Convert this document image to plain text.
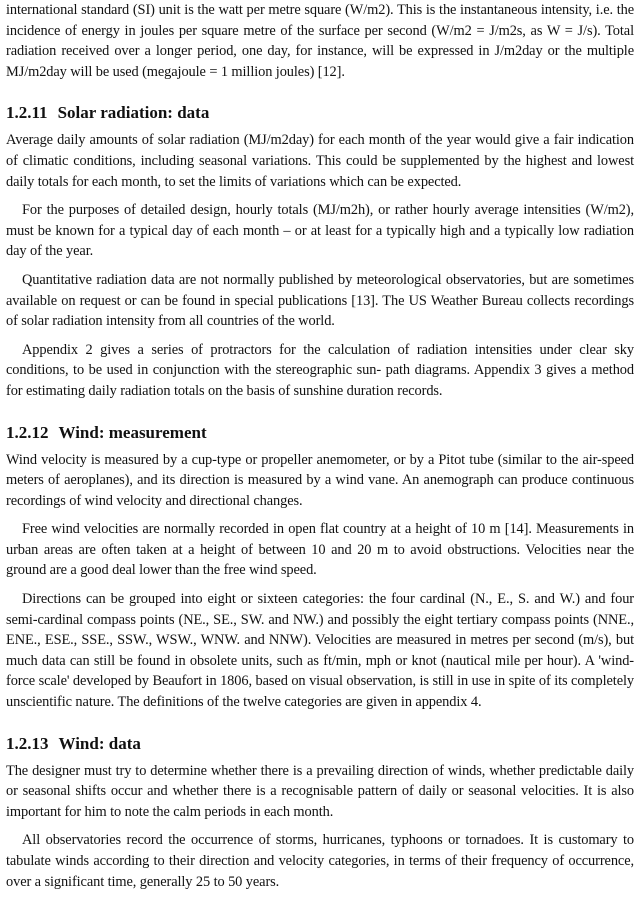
international standard (SI) unit is the watt per metre square (W/m2). This is the instantaneous intensity, i.e. the incidence of energy in joules per square metre of the surface per second (W/m2 = J/m2s, as W = J/s). Total radiation received over a longer period, one day, for instance, will be expressed in J/m2day or the multiple MJ/m2day will be used (megajoule = 1 million joules) [12].

1.2.11 Solar radiation: data

Average daily amounts of solar radiation (MJ/m2day) for each month of the year would give a fair indication of climatic conditions, including seasonal variations. This could be supplemented by the highest and lowest daily totals for each month, to set the limits of variations which can be expected.

For the purposes of detailed design, hourly totals (MJ/m2h), or rather hourly average intensities (W/m2), must be known for a typical day of each month – or at least for a typically high and a typically low radiation day of the year.

Quantitative radiation data are not normally published by meteorological observatories, but are sometimes available on request or can be found in special publications [13]. The US Weather Bureau collects recordings of solar radiation intensity from all countries of the world.

Appendix 2 gives a series of protractors for the calculation of radiation intensities under clear sky conditions, to be used in conjunction with the stereographic sun- path diagrams. Appendix 3 gives a method for estimating daily radiation totals on the basis of sunshine duration records.

1.2.12 Wind: measurement

Wind velocity is measured by a cup-type or propeller anemometer, or by a Pitot tube (similar to the air-speed meters of aeroplanes), and its direction is measured by a wind vane. An anemograph can produce continuous recordings of wind velocity and directional changes.

Free wind velocities are normally recorded in open flat country at a height of 10 m [14]. Measurements in urban areas are often taken at a height of between 10 and 20 m to avoid obstructions. Velocities near the ground are a good deal lower than the free wind speed.

Directions can be grouped into eight or sixteen categories: the four cardinal (N., E., S. and W.) and four semi-cardinal compass points (NE., SE., SW. and NW.) and possibly the eight tertiary compass points (NNE., ENE., ESE., SSE., SSW., WSW., WNW. and NNW). Velocities are measured in metres per second (m/s), but much data can still be found in obsolete units, such as ft/min, mph or knot (nautical mile per hour). A 'wind-force scale' developed by Beaufort in 1806, based on visual observation, is still in use in spite of its completely unscientific nature. The definitions of the twelve categories are given in appendix 4.

1.2.13 Wind: data

The designer must try to determine whether there is a prevailing direction of winds, whether predictable daily or seasonal shifts occur and whether there is a recognisable pattern of daily or seasonal velocities. It is also important for him to note the calm periods in each month.

All observatories record the occurrence of storms, hurricanes, typhoons or tornadoes. It is customary to tabulate winds according to their direction and velocity categories, in terms of their frequency of occurrence, over a significant time, generally 25 to 50 years.
